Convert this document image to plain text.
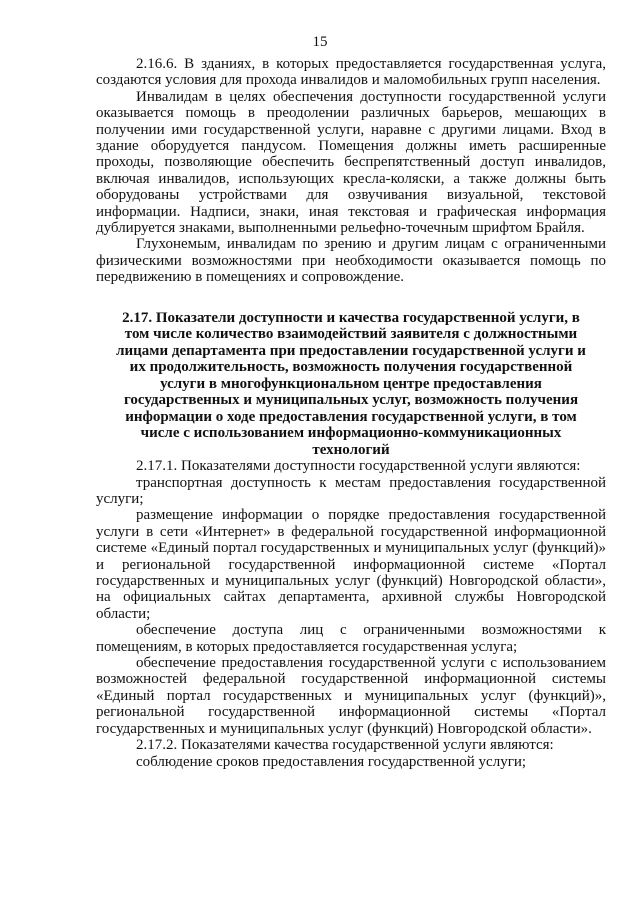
15

2.16.6. В зданиях, в которых предоставляется государственная услуга, создаются условия для прохода инвалидов и маломобильных групп населения.

Инвалидам в целях обеспечения доступности государственной услуги оказывается помощь в преодолении различных барьеров, мешающих в получении ими государственной услуги, наравне с другими лицами. Вход в здание оборудуется пандусом. Помещения должны иметь расширенные проходы, позволяющие обеспечить беспрепятственный доступ инвалидов, включая инвалидов, использующих кресла-коляски, а также должны быть оборудованы устройствами для озвучивания визуальной, текстовой информации. Надписи, знаки, иная текстовая и графическая информация дублируется знаками, выполненными рельефно-точечным шрифтом Брайля.

Глухонемым, инвалидам по зрению и другим лицам с ограниченными физическими возможностями при необходимости оказывается помощь по передвижению в помещениях и сопровождение.

2.17. Показатели доступности и качества государственной услуги, в том числе количество взаимодействий заявителя с должностными лицами департамента при предоставлении государственной услуги и их продолжительность, возможность получения государственной услуги в многофункциональном центре предоставления государственных и муниципальных услуг, возможность получения информации о ходе предоставления государственной услуги, в том числе с использованием информационно-коммуникационных технологий

2.17.1. Показателями доступности государственной услуги являются:

транспортная доступность к местам предоставления государственной услуги;

размещение информации о порядке предоставления государственной услуги в сети «Интернет» в федеральной государственной информационной системе «Единый портал государственных и муниципальных услуг (функций)» и региональной государственной информационной системе «Портал государственных и муниципальных услуг (функций) Новгородской области», на официальных сайтах департамента, архивной службы Новгородской области;

обеспечение доступа лиц с ограниченными возможностями к помещениям, в которых предоставляется государственная услуга;

обеспечение предоставления государственной услуги с использованием возможностей федеральной государственной информационной системы «Единый портал государственных и муниципальных услуг (функций)», региональной государственной информационной системы «Портал государственных и муниципальных услуг (функций) Новгородской области».

2.17.2. Показателями качества государственной услуги являются:

соблюдение сроков предоставления государственной услуги;
